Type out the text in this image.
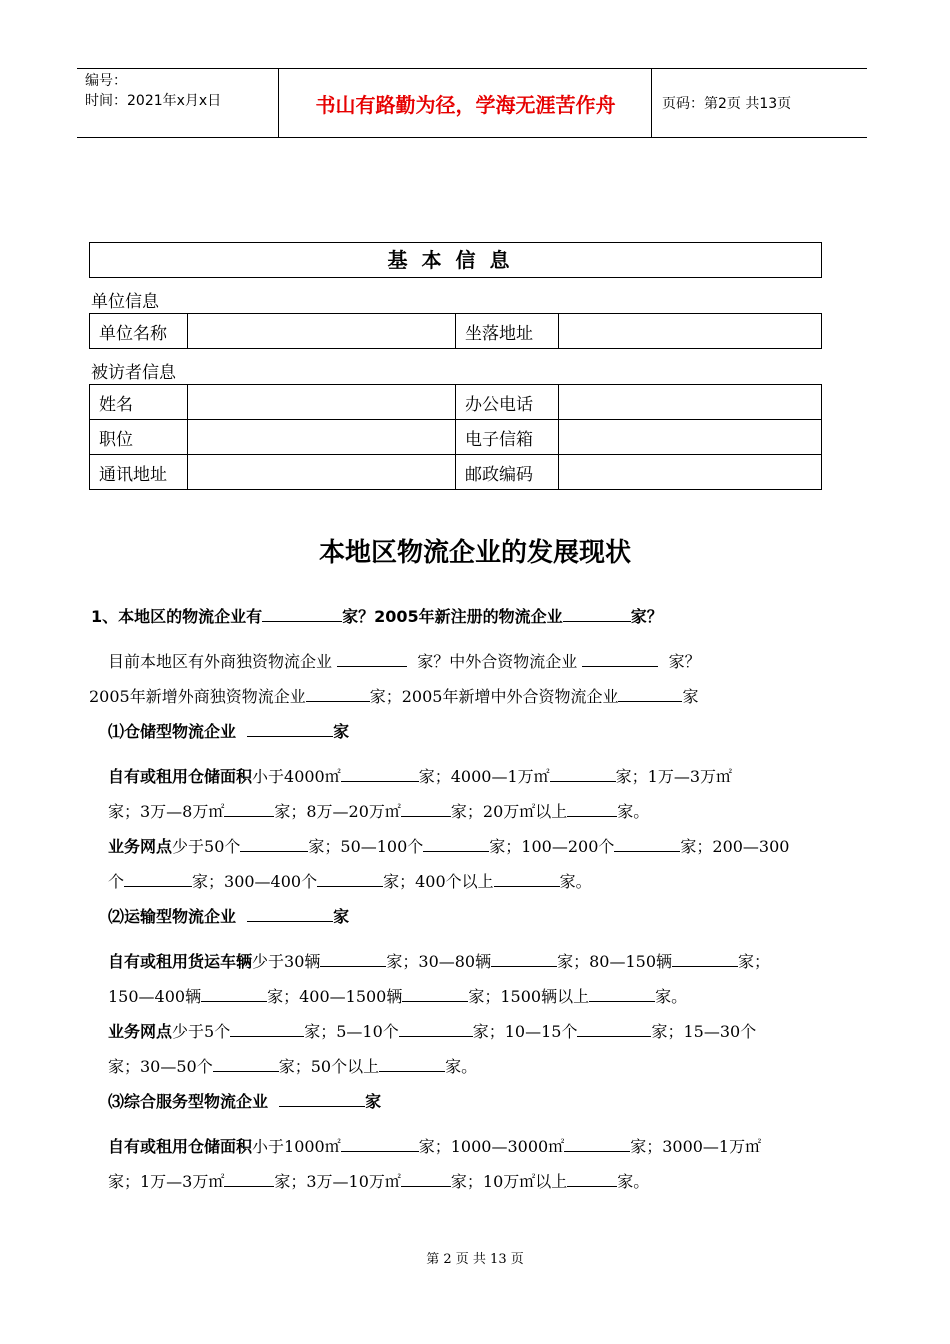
编号：
时间：2021年x月x日	书山有路勤为径，学海无涯苦作舟	页码：第2页 共13页
基本信息
单位信息
单位名称		坐落地址	
被访者信息
姓名		办公电话	
职位		电子信箱	
通讯地址		邮政编码	
本地区物流企业的发展现状
1、本地区的物流企业有	家？2005年新注册的物流企业	家？
目前本地区有外商独资物流企业	家？中外合资物流企业	家？
2005年新增外商独资物流企业	家；2005年新增中外合资物流企业	家
⑴仓储型物流企业	家
自有或租用仓储面积小于4000㎡	家；4000—1万㎡	家；1万—3万㎡
家；3万—8万㎡	家；8万—20万㎡	家；20万㎡以上	家。
业务网点少于50个	家；50—100个	家；100—200个	家；200—300
个	家；300—400个	家；400个以上	家。
⑵运输型物流企业	家
自有或租用货运车辆少于30辆	家；30—80辆	家；80—150辆	家；
150—400辆	家；400—1500辆	家；1500辆以上	家。
业务网点少于5个	家；5—10个	家；10—15个	家；15—30个
家；30—50个	家；50个以上	家。
⑶综合服务型物流企业	家
自有或租用仓储面积小于1000㎡	家；1000—3000㎡	家；3000—1万㎡
家；1万—3万㎡	家；3万—10万㎡	家；10万㎡以上	家。
第 2 页 共 13 页
